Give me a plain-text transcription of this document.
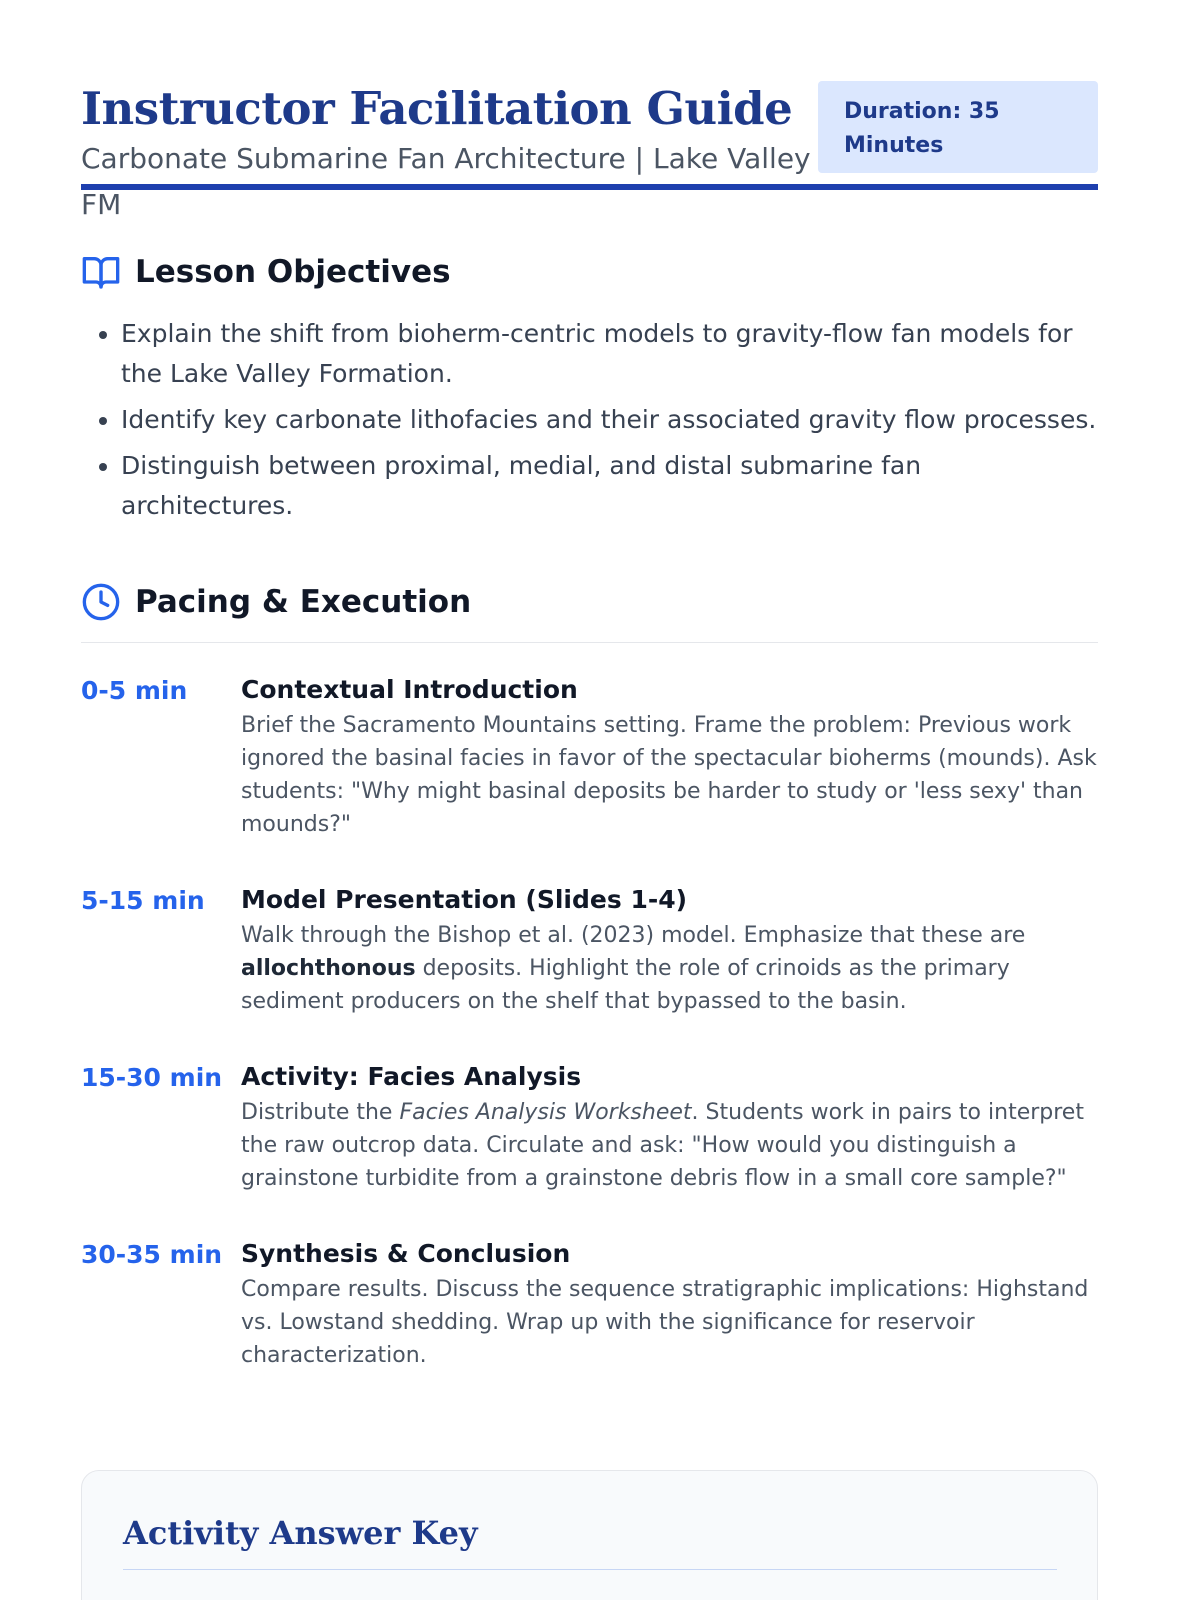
Instructor Facilitation Guide
Carbonate Submarine Fan Architecture | Lake Valley FM
Duration: 35 Minutes
Lesson Objectives
• Explain the shift from bioherm-centric models to gravity-flow fan models for the Lake Valley Formation.
• Identify key carbonate lithofacies and their associated gravity flow processes.
• Distinguish between proximal, medial, and distal submarine fan architectures.
Pacing & Execution
0-5 min	Contextual Introduction
Brief the Sacramento Mountains setting. Frame the problem: Previous work ignored the basinal facies in favor of the spectacular bioherms (mounds). Ask students: "Why might basinal deposits be harder to study or 'less sexy' than mounds?"
5-15 min	Model Presentation (Slides 1-4)
Walk through the Bishop et al. (2023) model. Emphasize that these are allochthonous deposits. Highlight the role of crinoids as the primary sediment producers on the shelf that bypassed to the basin.
15-30 min Activity: Facies Analysis
Distribute the Facies Analysis Worksheet. Students work in pairs to interpret the raw outcrop data. Circulate and ask: "How would you distinguish a grainstone turbidite from a grainstone debris flow in a small core sample?"
30-35 min Synthesis & Conclusion
Compare results. Discuss the sequence stratigraphic implications: Highstand vs. Lowstand shedding. Wrap up with the significance for reservoir characterization.
Activity Answer Key
